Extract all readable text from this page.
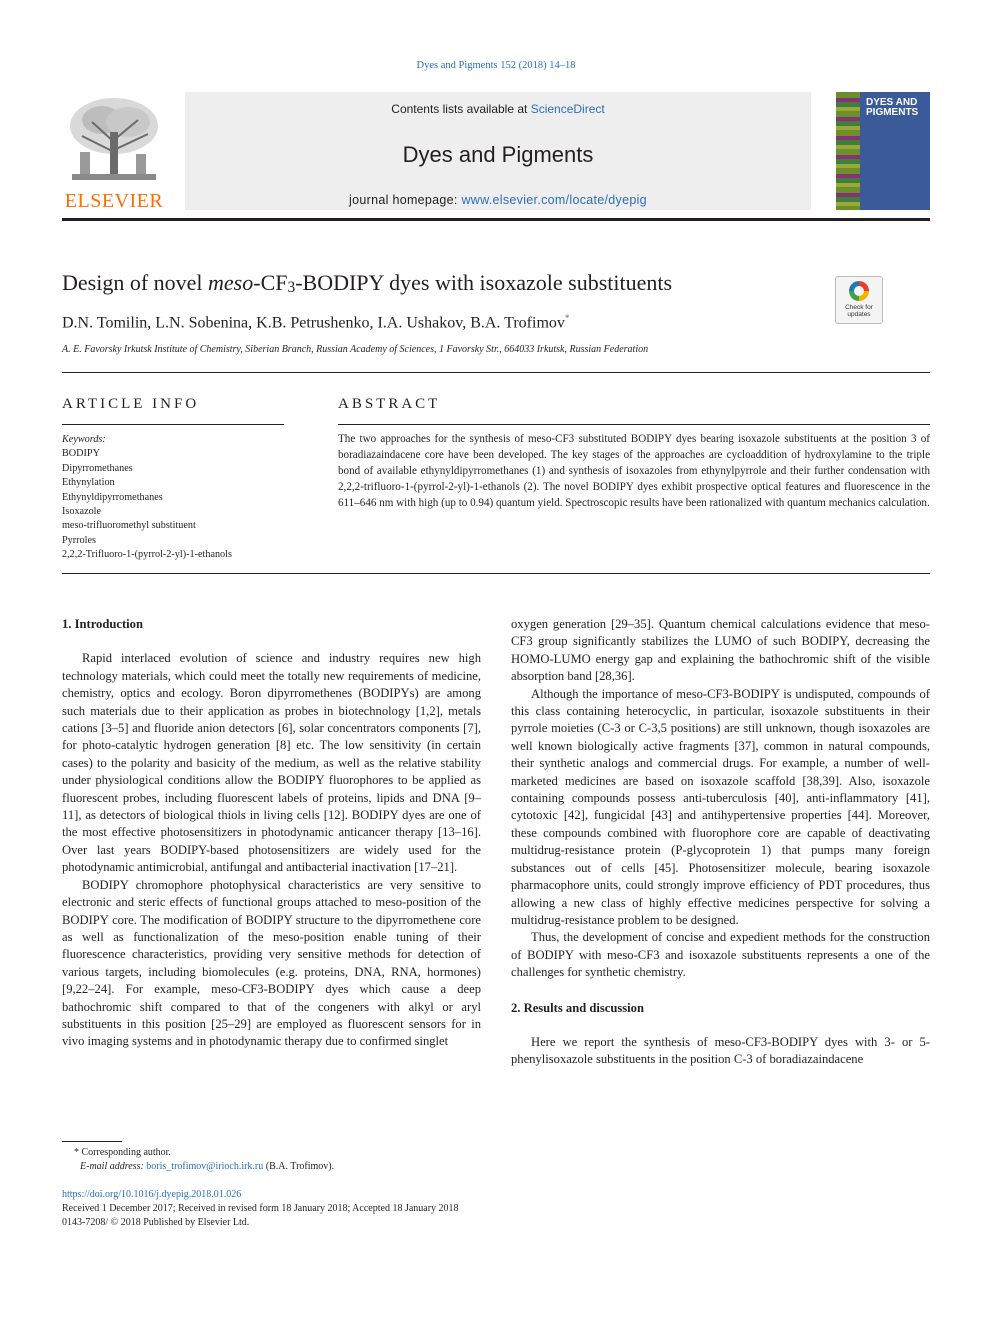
Dyes and Pigments 152 (2018) 14–18
Contents lists available at ScienceDirect
Dyes and Pigments
journal homepage: www.elsevier.com/locate/dyepig
ELSEVIER
DYES AND PIGMENTS
Design of novel meso-$CF_3$-BODIPY dyes with isoxazole substituents
Check for updates
D.N. Tomilin, L.N. Sobenina, K.B. Petrushenko, I.A. Ushakov, B.A. Trofimov*
A. E. Favorsky Irkutsk Institute of Chemistry, Siberian Branch, Russian Academy of Sciences, 1 Favorsky Str., 664033 Irkutsk, Russian Federation
ARTICLE INFO	ABSTRACT
Keywords:
BODIPY
Dipyrromethanes
Ethynylation
Ethynyldipyrromethanes
Isoxazole
meso-trifluoromethyl substituent
Pyrroles
2,2,2-Trifluoro-1-(pyrrol-2-yl)-1-ethanols
The two approaches for the synthesis of meso-CF3 substituted BODIPY dyes bearing isoxazole substituents at the position 3 of boradiazaindacene core have been developed. The key stages of the approaches are cycloaddition of hydroxylamine to the triple bond of available ethynyldipyrromethanes (1) and synthesis of isoxazoles from ethynylpyrrole and their further condensation with 2,2,2-trifluoro-1-(pyrrol-2-yl)-1-ethanols (2). The novel BODIPY dyes exhibit prospective optical features and fluorescence in the 611–646 nm with high (up to 0.94) quantum yield. Spectroscopic results have been rationalized with quantum mechanics calculation.
1. Introduction

Rapid interlaced evolution of science and industry requires new high technology materials, which could meet the totally new requirements of medicine, chemistry, optics and ecology. Boron dipyrromethenes (BODIPYs) are among such materials due to their application as probes in biotechnology [1,2], metals cations [3–5] and fluoride anion detectors [6], solar concentrators components [7], for photo-catalytic hydrogen generation [8] etc. The low sensitivity (in certain cases) to the polarity and basicity of the medium, as well as the relative stability under physiological conditions allow the BODIPY fluorophores to be applied as fluorescent probes, including fluorescent labels of proteins, lipids and DNA [9–11], as detectors of biological thiols in living cells [12]. BODIPY dyes are one of the most effective photosensitizers in photodynamic anticancer therapy [13–16]. Over last years BODIPY-based photosensitizers are widely used for the photodynamic antimicrobial, antifungal and antibacterial inactivation [17–21].

BODIPY chromophore photophysical characteristics are very sensitive to electronic and steric effects of functional groups attached to meso-position of the BODIPY core. The modification of BODIPY structure to the dipyrromethene core as well as functionalization of the meso-position enable tuning of their fluorescence characteristics, providing very sensitive methods for detection of various targets, including biomolecules (e.g. proteins, DNA, RNA, hormones) [9,22–24]. For example, meso-CF3-BODIPY dyes which cause a deep bathochromic shift compared to that of the congeners with alkyl or aryl substituents in this position [25–29] are employed as fluorescent sensors for in vivo imaging systems and in photodynamic therapy due to confirmed singlet

oxygen generation [29–35]. Quantum chemical calculations evidence that meso-CF3 group significantly stabilizes the LUMO of such BODIPY, decreasing the HOMO-LUMO energy gap and explaining the bathochromic shift of the visible absorption band [28,36].

Although the importance of meso-CF3-BODIPY is undisputed, compounds of this class containing heterocyclic, in particular, isoxazole substituents in their pyrrole moieties (C-3 or C-3,5 positions) are still unknown, though isoxazoles are well known biologically active fragments [37], common in natural compounds, their synthetic analogs and commercial drugs. For example, a number of well-marketed medicines are based on isoxazole scaffold [38,39]. Also, isoxazole containing compounds possess anti-tuberculosis [40], anti-inflammatory [41], cytotoxic [42], fungicidal [43] and antihypertensive properties [44]. Moreover, these compounds combined with fluorophore core are capable of deactivating multidrug-resistance protein (P-glycoprotein 1) that pumps many foreign substances out of cells [45]. Photosensitizer molecule, bearing isoxazole pharmacophore units, could strongly improve efficiency of PDT procedures, thus allowing a new class of highly effective medicines perspective for solving a multidrug-resistance problem to be designed.

Thus, the development of concise and expedient methods for the construction of BODIPY with meso-CF3 and isoxazole substituents represents a one of the challenges for synthetic chemistry.

2. Results and discussion

Here we report the synthesis of meso-CF3-BODIPY dyes with 3- or 5-phenylisoxazole substituents in the position C-3 of boradiazaindacene

* Corresponding author.
E-mail address: boris_trofimov@irioch.irk.ru (B.A. Trofimov).
https://doi.org/10.1016/j.dyepig.2018.01.026
Received 1 December 2017; Received in revised form 18 January 2018; Accepted 18 January 2018
0143-7208/ © 2018 Published by Elsevier Ltd.
